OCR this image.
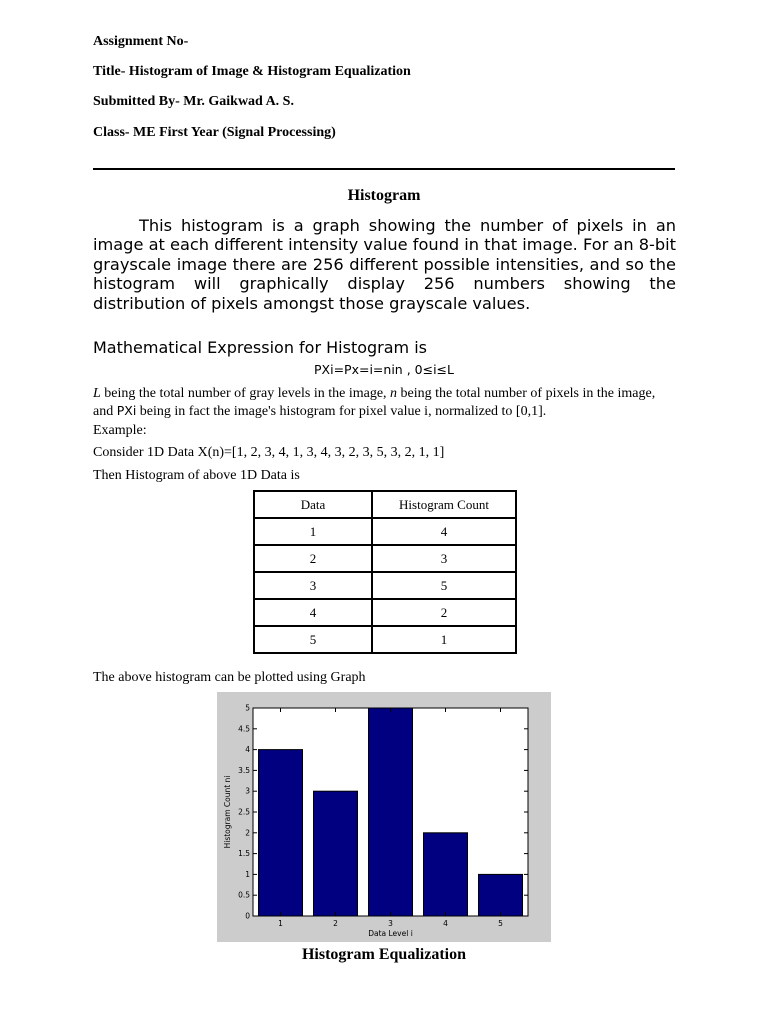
Assignment No-
Title- Histogram of Image & Histogram Equalization
Submitted By- Mr. Gaikwad A. S.
Class- ME First Year (Signal Processing)
Histogram
This histogram is a graph showing the number of pixels in an image at each different intensity value found in that image. For an 8-bit grayscale image there are 256 different possible intensities, and so the histogram will graphically display 256 numbers showing the distribution of pixels amongst those grayscale values.
Mathematical Expression for Histogram is
PXi=Px=i=nin , 0≤i≤L
L being the total number of gray levels in the image, n being the total number of pixels in the image, and PXi being in fact the image's histogram for pixel value i, normalized to [0,1].
Example:
Consider 1D Data X(n)=[1, 2, 3, 4, 1, 3, 4, 3, 2, 3, 5, 3, 2, 1, 1]
Then Histogram of above 1D Data is
Data	Histogram Count
1	4
2	3
3	5
4	2
5	1
The above histogram can be plotted using Graph
0
0.5
1
1.5
2
2.5
3
3.5
4
4.5
5
1	2	3	4	5
Data Level i
Histogram Count ni
Histogram Equalization
